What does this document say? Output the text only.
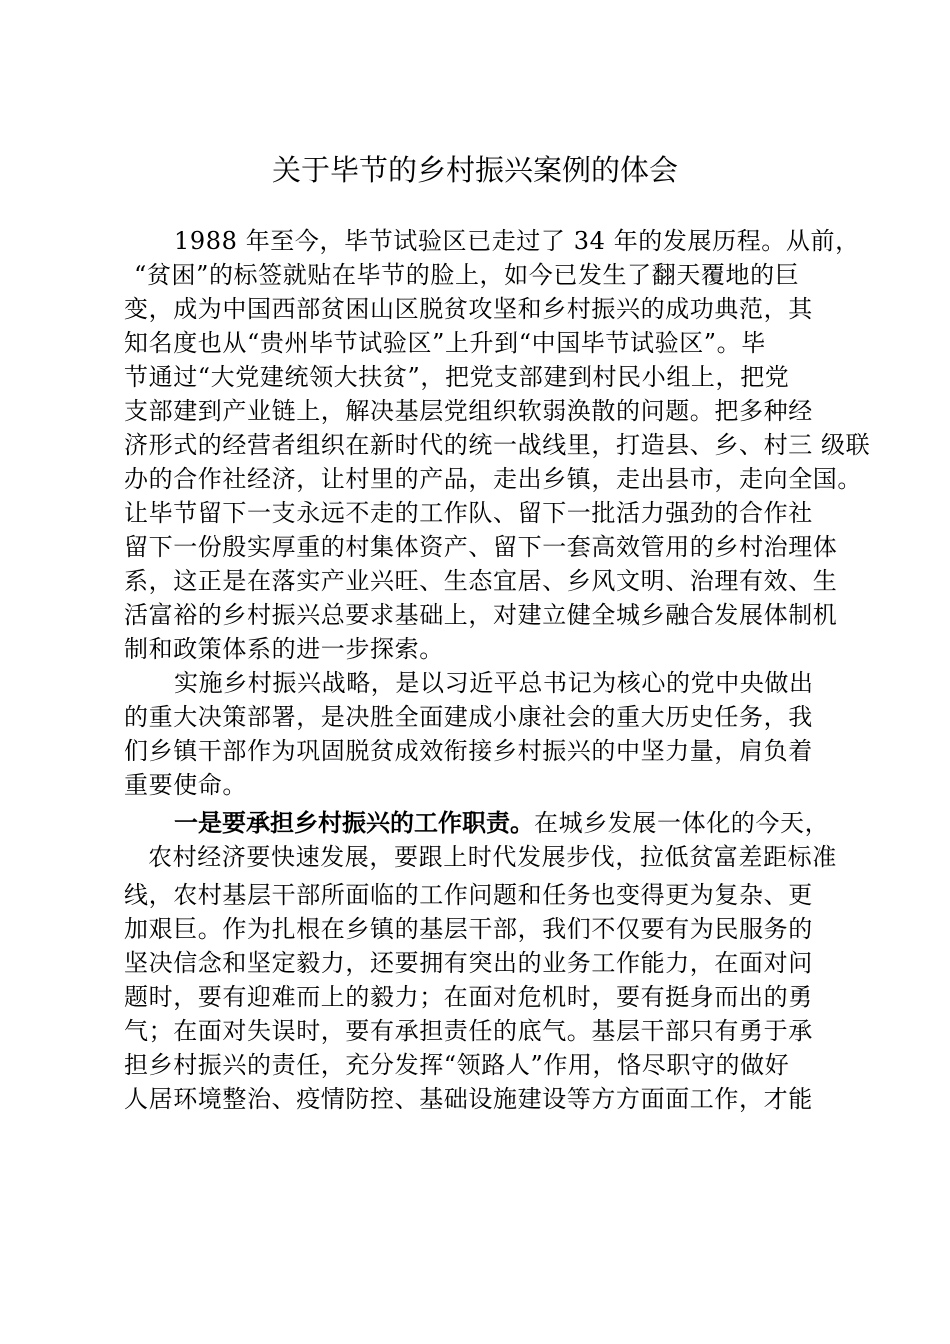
关于毕节的乡村振兴案例的体会
1988 年至今，毕节试验区已走过了 34 年的发展历程。从前，
“贫困”的标签就贴在毕节的脸上，如今已发生了翻天覆地的巨
变，成为中国西部贫困山区脱贫攻坚和乡村振兴的成功典范，其
知名度也从“贵州毕节试验区”上升到“中国毕节试验区”。毕
节通过“大党建统领大扶贫”，把党支部建到村民小组上，把党
支部建到产业链上，解决基层党组织软弱涣散的问题。把多种经
济形式的经营者组织在新时代的统一战线里，打造县、乡、村三 级联
办的合作社经济，让村里的产品，走出乡镇，走出县市，走向全国。
让毕节留下一支永远不走的工作队、留下一批活力强劲的合作社
留下一份殷实厚重的村集体资产、留下一套高效管用的乡村治理体
系，这正是在落实产业兴旺、生态宜居、乡风文明、治理有效、生
活富裕的乡村振兴总要求基础上，对建立健全城乡融合发展体制机
制和政策体系的进一步探索。
实施乡村振兴战略，是以习近平总书记为核心的党中央做出
的重大决策部署，是决胜全面建成小康社会的重大历史任务，我
们乡镇干部作为巩固脱贫成效衔接乡村振兴的中坚力量，肩负着
重要使命。
一是要承担乡村振兴的工作职责。在城乡发展一体化的今天，
农村经济要快速发展，要跟上时代发展步伐，拉低贫富差距标准
线，农村基层干部所面临的工作问题和任务也变得更为复杂、更
加艰巨。作为扎根在乡镇的基层干部，我们不仅要有为民服务的
坚决信念和坚定毅力，还要拥有突出的业务工作能力，在面对问
题时，要有迎难而上的毅力；在面对危机时，要有挺身而出的勇
气；在面对失误时，要有承担责任的底气。基层干部只有勇于承
担乡村振兴的责任，充分发挥“领路人”作用，恪尽职守的做好
人居环境整治、疫情防控、基础设施建设等方方面面工作，才能
